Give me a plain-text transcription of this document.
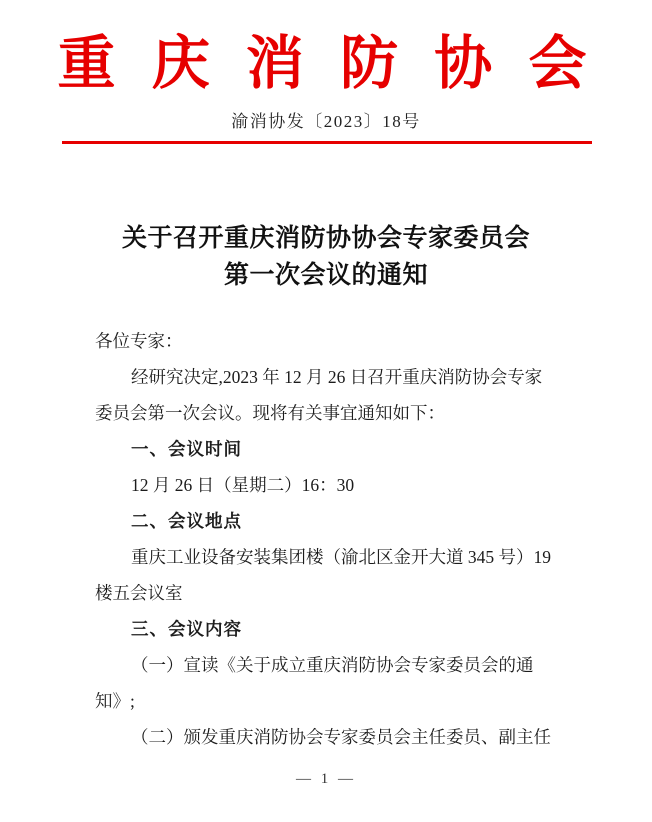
重 庆 消 防 协 会
渝消协发〔2023〕18号
关于召开重庆消防协协会专家委员会
第一次会议的通知

各位专家：

经研究决定,2023 年 12 月 26 日召开重庆消防协会专家

委员会第一次会议。现将有关事宜通知如下：

一、会议时间

12 月 26 日（星期二）16：30

二、会议地点

重庆工业设备安装集团楼（渝北区金开大道 345 号）19

楼五会议室

三、会议内容

（一）宣读《关于成立重庆消防协会专家委员会的通

知》;

（二）颁发重庆消防协会专家委员会主任委员、副主任

— 1 —
